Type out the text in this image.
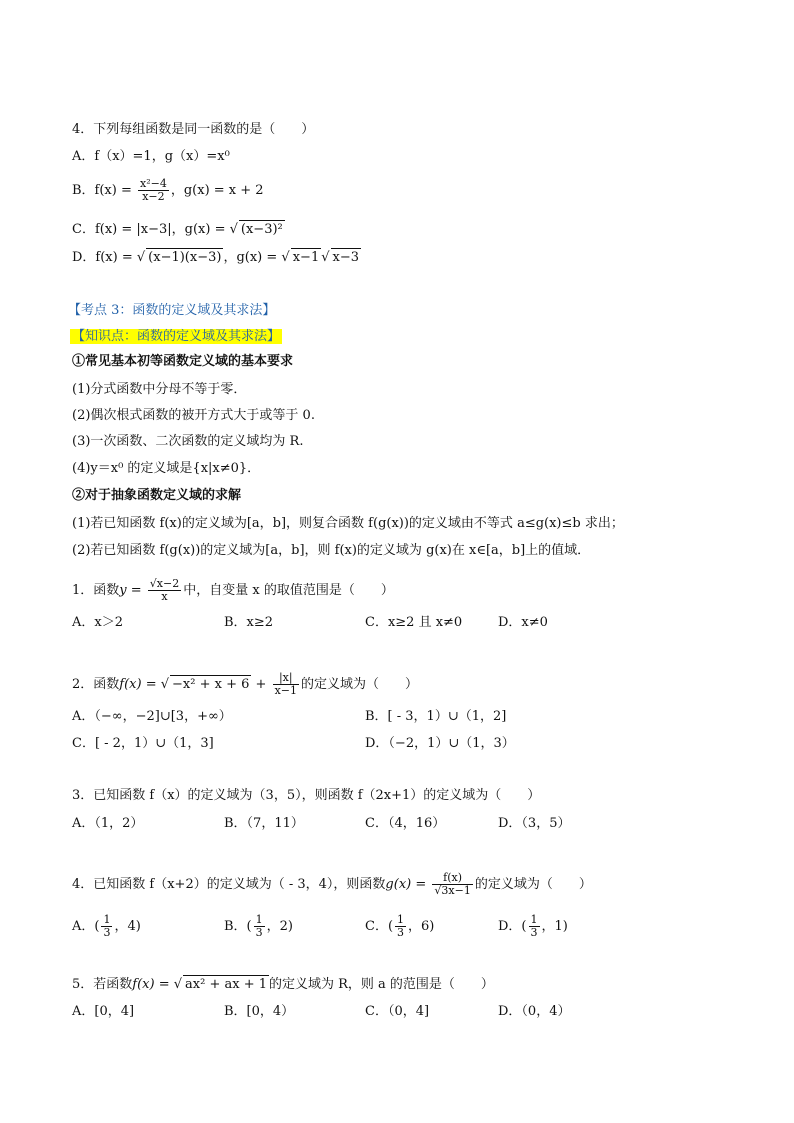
4．下列每组函数是同一函数的是（　　）
A．f（x）=1，g（x）=x⁰
B．$f(x) = \frac{\text{x²−4}}{x-2}$ ，g(x) = x + 2
C．f(x) = |x−3|，g(x) = √ (x−3)²
D．f(x) = √ (x−1)(x−3) ，g(x) = √ x−1 √ x−3
【考点 3：函数的定义域及其求法】
【知识点：函数的定义域及其求法】
①常见基本初等函数定义域的基本要求
(1)分式函数中分母不等于零．
(2)偶次根式函数的被开方式大于或等于 0.
(3)一次函数、二次函数的定义域均为 R.
(4)y＝x⁰ 的定义域是{x|x≠0}．
②对于抽象函数定义域的求解
(1)若已知函数 f(x)的定义域为[a，b]，则复合函数 f(g(x))的定义域由不等式 a≤g(x)≤b 求出；
(2)若已知函数 f(g(x))的定义域为[a，b]，则 f(x)的定义域为 g(x)在 x∈[a，b]上的值域．
1．函数$y = \frac{√x-2}{x}$ 中，自变量 x 的取值范围是（　　）
A．x＞2	B．x≥2	C．x≥2 且 x≠0	D．x≠0
2．函数f(x) = √ $-x^2 + x + 6 + \frac{|x|}{x-1}$ 的定义域为（　　）
A．（−∞，−2]∪[3，+∞）	B．[ - 3，1）∪（1，2]
C．[ - 2，1）∪（1，3]	D．（−2，1）∪（1，3）
3．已知函数 f（x）的定义域为（3，5），则函数 f（2x+1）的定义域为（　　）
A．（1，2）	B．（7，11）	C．（4，16）	D．（3，5）
4．已知函数 f（x+2）的定义域为（ - 3，4），则函数$g(x) = \frac{f(x)}{√3x-1}$ 的定义域为（　　）
A．( $\frac{1}{3}$ ，4)	B．( $\frac{1}{3}$ ，2)	C．( $\frac{1}{3}$ ，6)	D．( $\frac{1}{3}$ ，1)
5．若函数f(x) = √ ax² + ax + 1 的定义域为 R，则 a 的范围是（　　）
A．[0，4]	B．[0，4）	C．（0，4]	D．（0，4）
